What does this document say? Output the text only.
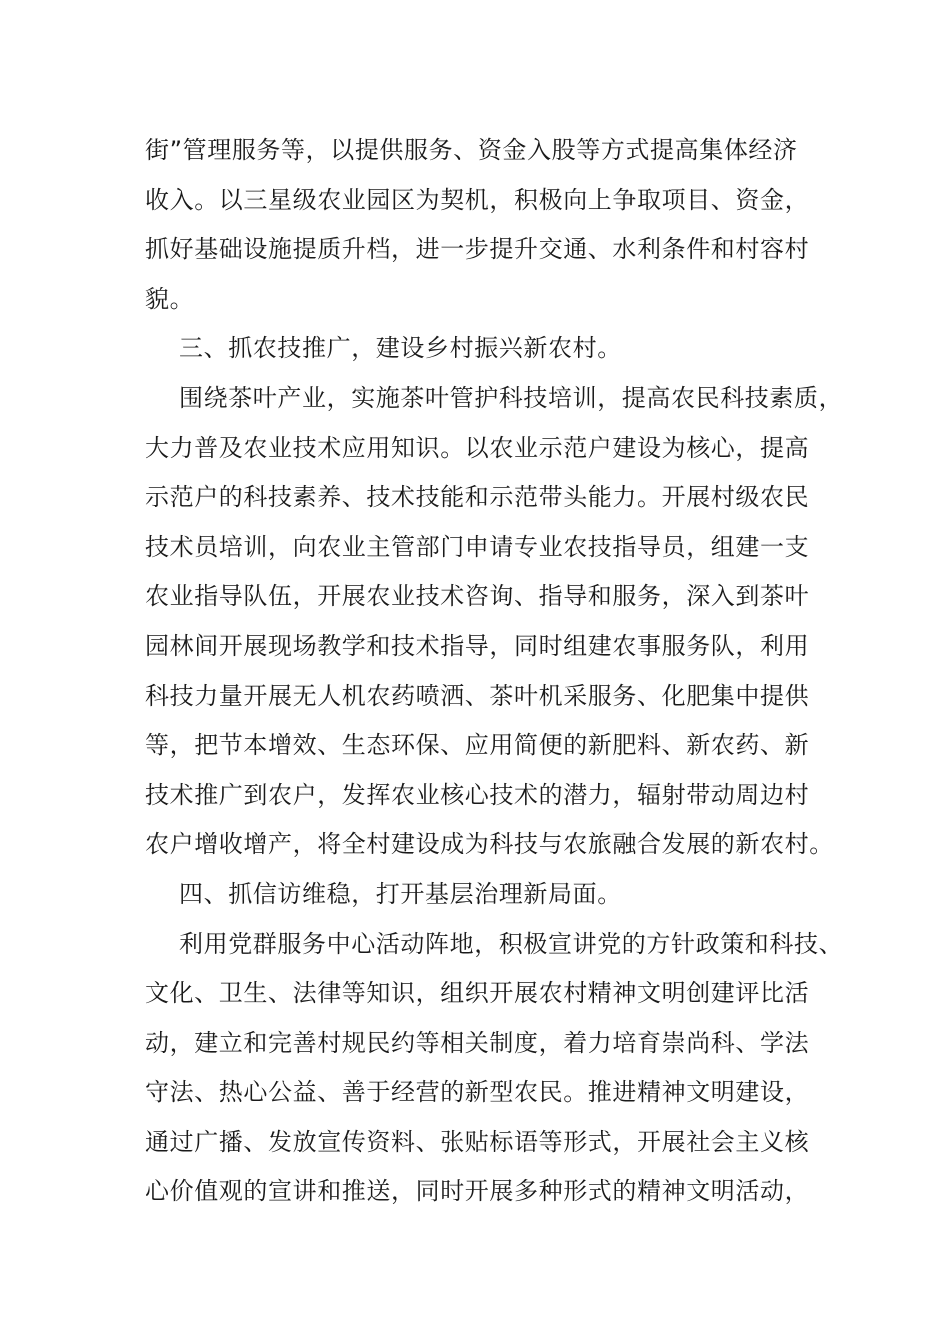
街”管理服务等，以提供服务、资金入股等方式提高集体经济
收入。以三星级农业园区为契机，积极向上争取项目、资金，
抓好基础设施提质升档，进一步提升交通、水利条件和村容村
貌。
三、抓农技推广，建设乡村振兴新农村。
围绕茶叶产业，实施茶叶管护科技培训，提高农民科技素质，
大力普及农业技术应用知识。以农业示范户建设为核心，提高
示范户的科技素养、技术技能和示范带头能力。开展村级农民
技术员培训，向农业主管部门申请专业农技指导员，组建一支
农业指导队伍，开展农业技术咨询、指导和服务，深入到茶叶
园林间开展现场教学和技术指导，同时组建农事服务队，利用
科技力量开展无人机农药喷洒、茶叶机采服务、化肥集中提供
等，把节本增效、生态环保、应用简便的新肥料、新农药、新
技术推广到农户，发挥农业核心技术的潜力，辐射带动周边村
农户增收增产，将全村建设成为科技与农旅融合发展的新农村。
四、抓信访维稳，打开基层治理新局面。
利用党群服务中心活动阵地，积极宣讲党的方针政策和科技、
文化、卫生、法律等知识，组织开展农村精神文明创建评比活
动，建立和完善村规民约等相关制度，着力培育崇尚科、学法
守法、热心公益、善于经营的新型农民。推进精神文明建设，
通过广播、发放宣传资料、张贴标语等形式，开展社会主义核
心价值观的宣讲和推送，同时开展多种形式的精神文明活动，
